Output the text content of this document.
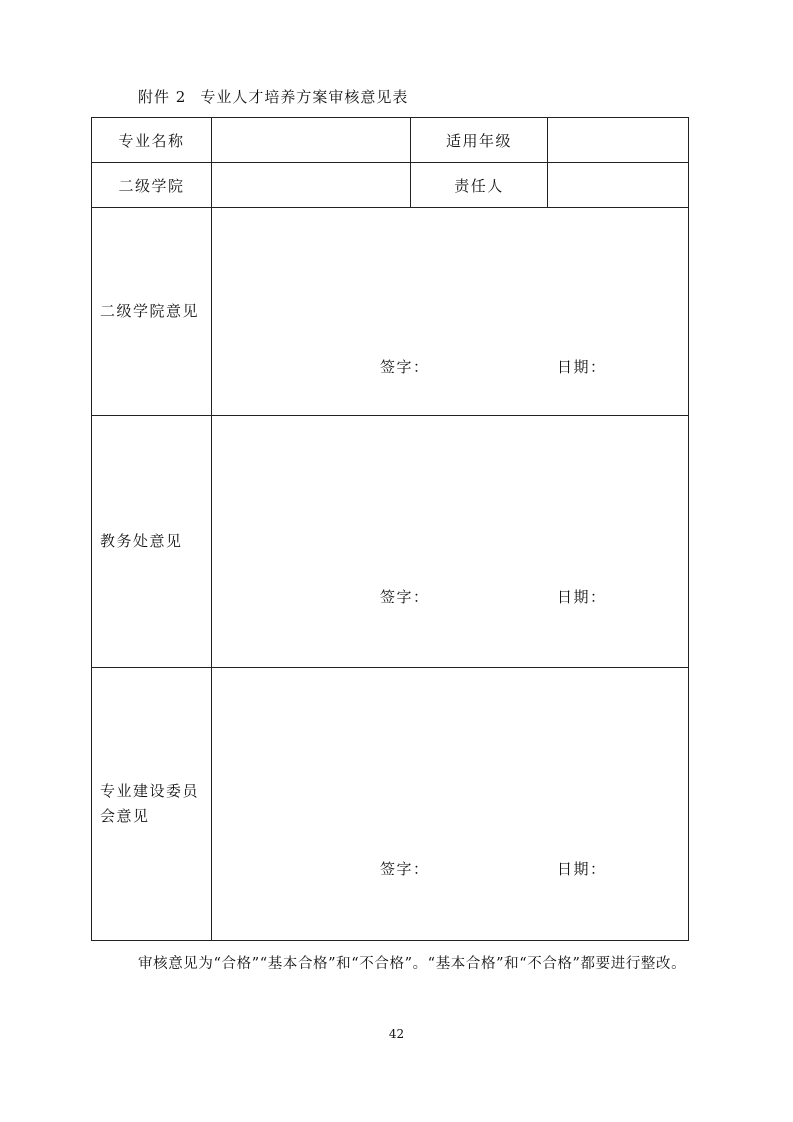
附件 2 专业人才培养方案审核意见表
专业名称		适用年级	
二级学院		责任人	
二级学院意见	签字： 日期：		

教务处意见	签字： 日期：		

专业建设委员会意见	签字： 日期：		
审核意见为“合格”“基本合格”和“不合格”。“基本合格”和“不合格”都要进行整改。
42
